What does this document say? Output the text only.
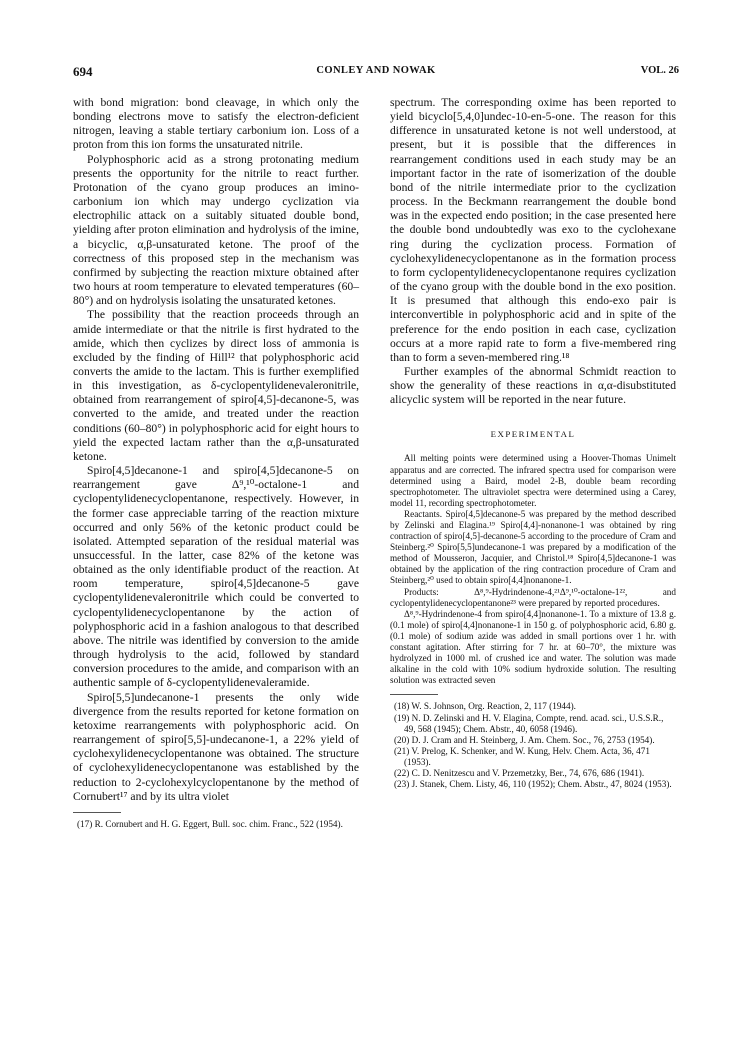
694	CONLEY AND NOWAK	VOL. 26

with bond migration: bond cleavage, in which only the bonding electrons move to satisfy the electron-deficient nitrogen, leaving a stable tertiary carbonium ion. Loss of a proton from this ion forms the unsaturated nitrile.

Polyphosphoric acid as a strong protonating medium presents the opportunity for the nitrile to react further. Protonation of the cyano group produces an imino-carbonium ion which may undergo cyclization via electrophilic attack on a suitably situated double bond, yielding after proton elimination and hydrolysis of the imine, a bicyclic, α,β-unsaturated ketone. The proof of the correctness of this proposed step in the mechanism was confirmed by subjecting the reaction mixture obtained after two hours at room temperature to elevated temperatures (60–80°) and on hydrolysis isolating the unsaturated ketones.

The possibility that the reaction proceeds through an amide intermediate or that the nitrile is first hydrated to the amide, which then cyclizes by direct loss of ammonia is excluded by the finding of Hill¹² that polyphosphoric acid converts the amide to the lactam. This is further exemplified in this investigation, as δ-cyclopentylidenevaleronitrile, obtained from rearrangement of spiro[4,5]-decanone-5, was converted to the amide, and treated under the reaction conditions (60–80°) in polyphosphoric acid for eight hours to yield the expected lactam rather than the α,β-unsaturated ketone.

Spiro[4,5]decanone-1 and spiro[4,5]decanone-5 on rearrangement gave Δ⁹,¹⁰-octalone-1 and cyclopentylidenecyclopentanone, respectively. However, in the former case appreciable tarring of the reaction mixture occurred and only 56% of the ketonic product could be isolated. Attempted separation of the residual material was unsuccessful. In the latter, case 82% of the ketone was obtained as the only identifiable product of the reaction. At room temperature, spiro[4,5]decanone-5 gave cyclopentylidenevaleronitrile which could be converted to cyclopentylidenecyclopentanone by the action of polyphosphoric acid in a fashion analogous to that described above. The nitrile was identified by conversion to the amide through hydrolysis to the acid, followed by standard conversion procedures to the amide, and comparison with an authentic sample of δ-cyclopentylidenevaleramide.

Spiro[5,5]undecanone-1 presents the only wide divergence from the results reported for ketone formation on ketoxime rearrangements with polyphosphoric acid. On rearrangement of spiro[5,5]-undecanone-1, a 22% yield of cyclohexylidenecyclopentanone was obtained. The structure of cyclohexylidenecyclopentanone was established by the reduction to 2-cyclohexylcyclopentanone by the method of Cornubert¹⁷ and by its ultra violet

(17) R. Cornubert and H. G. Eggert, Bull. soc. chim. Franc., 522 (1954).

spectrum. The corresponding oxime has been reported to yield bicyclo[5,4,0]undec-10-en-5-one. The reason for this difference in unsaturated ketone is not well understood, at present, but it is possible that the differences in rearrangement conditions used in each study may be an important factor in the rate of isomerization of the double bond of the nitrile intermediate prior to the cyclization process. In the Beckmann rearrangement the double bond was in the expected endo position; in the case presented here the double bond undoubtedly was exo to the cyclohexane ring during the cyclization process. Formation of cyclohexylidenecyclopentanone as in the formation process to form cyclopentylidenecyclopentanone requires cyclization of the cyano group with the double bond in the exo position. It is presumed that although this endo-exo pair is interconvertible in polyphosphoric acid and in spite of the preference for the endo position in each case, cyclization occurs at a more rapid rate to form a five-membered ring than to form a seven-membered ring.¹⁸

Further examples of the abnormal Schmidt reaction to show the generality of these reactions in α,α-disubstituted alicyclic system will be reported in the near future.

EXPERIMENTAL

All melting points were determined using a Hoover-Thomas Unimelt apparatus and are corrected. The infrared spectra used for comparison were determined using a Baird, model 2-B, double beam recording spectrophotometer. The ultraviolet spectra were determined using a Carey, model 11, recording spectrophotometer.

Reactants. Spiro[4,5]decanone-5 was prepared by the method described by Zelinski and Elagina.¹⁹ Spiro[4,4]-nonanone-1 was obtained by ring contraction of spiro[4,5]-decanone-5 according to the procedure of Cram and Steinberg.²⁰ Spiro[5,5]undecanone-1 was prepared by a modification of the method of Mousseron, Jacquier, and Christol.¹⁸ Spiro[4,5]decanone-1 was obtained by the application of the ring contraction procedure of Cram and Steinberg,²⁰ used to obtain spiro[4,4]nonanone-1.

Products: Δ⁸,⁹-Hydrindenone-4,²¹Δ⁹,¹⁰-octalone-1²², and cyclopentylidenecyclopentanone²³ were prepared by reported procedures.

Δ⁸,⁹-Hydrindenone-4 from spiro[4,4]nonanone-1. To a mixture of 13.8 g. (0.1 mole) of spiro[4,4]nonanone-1 in 150 g. of polyphosphoric acid, 6.80 g. (0.1 mole) of sodium azide was added in small portions over 1 hr. with constant agitation. After stirring for 7 hr. at 60–70°, the mixture was hydrolyzed in 1000 ml. of crushed ice and water. The solution was made alkaline in the cold with 10% sodium hydroxide solution. The resulting solution was extracted seven

(18) W. S. Johnson, Org. Reaction, 2, 117 (1944).

(19) N. D. Zelinski and H. V. Elagina, Compte, rend. acad. sci., U.S.S.R., 49, 568 (1945); Chem. Abstr., 40, 6058 (1946).

(20) D. J. Cram and H. Steinberg, J. Am. Chem. Soc., 76, 2753 (1954).

(21) V. Prelog, K. Schenker, and W. Kung, Helv. Chem. Acta, 36, 471 (1953).

(22) C. D. Nenitzescu and V. Przemetzky, Ber., 74, 676, 686 (1941).

(23) J. Stanek, Chem. Listy, 46, 110 (1952); Chem. Abstr., 47, 8024 (1953).
